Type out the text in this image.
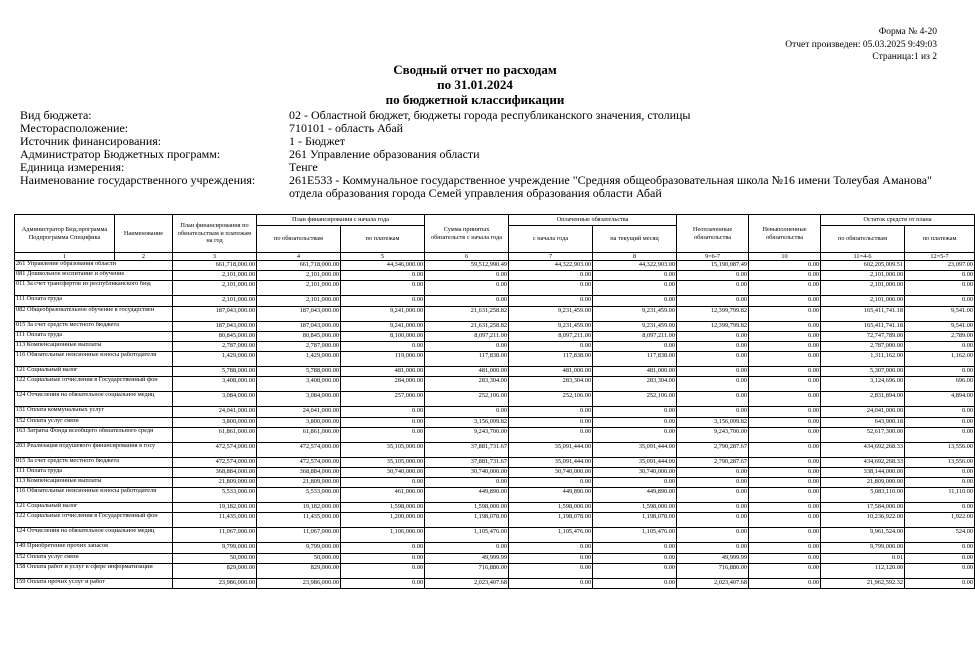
Форма № 4-20
Отчет произведен: 05.03.2025 9:49:03
Страница:1 из 2
Сводный отчет по расходам
по 31.01.2024
по бюджетной классификации
Вид бюджета:	02 - Областной бюджет, бюджеты города республиканского значения, столицы
Месторасположение:	710101 - область Абай
Источник финансирования:	1 - Бюджет
Администратор Бюджетных программ:	261 Управление образования области
Единица измерения:	Тенге
Наименование государственного учреждения:	261E533 - Коммунальное государственное учреждение "Средняя общеобразовательная школа №16 имени Толеубая Аманова" отдела образования города Семей управления образования области Абай
Администратор Бюд.программа Подпрограмма Специфика	Наименование	План финансирования по обязательствам и платежам на год	План финансирования с начала года		Сумма принятых обязательств с начала года	Оплаченные обязательства		Неоплаченные обязательства	Невыполненные обязательства	Остаток средств от плана	
			по обязательствам	по платежам		с начала года	на текущий месяц			по обязательствам	по платежам
1	2	3	4	5	6	7	8	9=6-7	10	11=4-6	12=5-7
261 Управление образования области		661,718,000.00	661,718,000.00	44,346,000.00	59,512,990.49	44,322,903.00	44,322,903.00	15,190,087.49	0.00	602,205,009.51	23,097.00
081 Дошкольное воспитание и обучение		2,101,000.00	2,101,000.00	0.00	0.00	0.00	0.00	0.00	0.00	2,101,000.00	0.00
011 За счет трансфертов из республиканского бюд		2,101,000.00	2,101,000.00	0.00	0.00	0.00	0.00	0.00	0.00	2,101,000.00	0.00
111 Оплата труда		2,101,000.00	2,101,000.00	0.00	0.00	0.00	0.00	0.00	0.00	2,101,000.00	0.00
082 Общеобразовательное обучение в государствен		187,043,000.00	187,043,000.00	9,241,000.00	21,631,258.82	9,231,459.00	9,231,459.00	12,399,799.82	0.00	165,411,741.18	9,541.00
015 За счет средств местного бюджета		187,043,000.00	187,043,000.00	9,241,000.00	21,631,258.82	9,231,459.00	9,231,459.00	12,399,799.82	0.00	165,411,741.18	9,541.00
111 Оплата труда		80,845,000.00	80,845,000.00	8,100,000.00	8,097,211.00	8,097,211.00	8,097,211.00	0.00	0.00	72,747,789.00	2,789.00
113 Компенсационные выплаты		2,787,000.00	2,787,000.00	0.00	0.00	0.00	0.00	0.00	0.00	2,787,000.00	0.00
116 Обязательные пенсионные взносы работодателя		1,429,000.00	1,429,000.00	119,000.00	117,838.00	117,838.00	117,838.00	0.00	0.00	1,311,162.00	1,162.00
121 Социальный налог		5,788,000.00	5,788,000.00	481,000.00	481,000.00	481,000.00	481,000.00	0.00	0.00	5,307,000.00	0.00
122 Социальные отчисления в Государственный фон		3,408,000.00	3,408,000.00	284,000.00	283,304.00	283,304.00	283,304.00	0.00	0.00	3,124,696.00	696.00
124 Отчисления на обязательное социальное медиц		3,084,000.00	3,084,000.00	257,000.00	252,106.00	252,106.00	252,106.00	0.00	0.00	2,831,894.00	4,894.00
151 Оплата коммунальных услуг		24,041,000.00	24,041,000.00	0.00	0.00	0.00	0.00	0.00	0.00	24,041,000.00	0.00
152 Оплата услуг связи		3,800,000.00	3,800,000.00	0.00	3,156,099.82	0.00	0.00	3,156,099.82	0.00	643,900.18	0.00
163 Затраты Фонда всеобщего обязательного средн		61,861,000.00	61,861,000.00	0.00	9,243,700.00	0.00	0.00	9,243,700.00	0.00	52,617,300.00	0.00
203 Реализация подушевого финансирования в госу		472,574,000.00	472,574,000.00	35,105,000.00	37,881,731.67	35,091,444.00	35,091,444.00	2,790,287.67	0.00	434,692,268.33	13,556.00
015 За счет средств местного бюджета		472,574,000.00	472,574,000.00	35,105,000.00	37,881,731.67	35,091,444.00	35,091,444.00	2,790,287.67	0.00	434,692,268.33	13,556.00
111 Оплата труда		368,884,000.00	368,884,000.00	30,740,000.00	30,740,000.00	30,740,000.00	30,740,000.00	0.00	0.00	338,144,000.00	0.00
113 Компенсационные выплаты		21,809,000.00	21,809,000.00	0.00	0.00	0.00	0.00	0.00	0.00	21,809,000.00	0.00
116 Обязательные пенсионные взносы работодателя		5,533,000.00	5,533,000.00	461,000.00	449,890.00	449,890.00	449,890.00	0.00	0.00	5,083,110.00	11,110.00
121 Социальный налог		19,182,000.00	19,182,000.00	1,598,000.00	1,598,000.00	1,598,000.00	1,598,000.00	0.00	0.00	17,584,000.00	0.00
122 Социальные отчисления в Государственный фон		11,435,000.00	11,435,000.00	1,200,000.00	1,198,078.00	1,198,078.00	1,198,078.00	0.00	0.00	10,236,922.00	1,922.00
124 Отчисления на обязательное социальное медиц		11,067,000.00	11,067,000.00	1,106,000.00	1,105,476.00	1,105,476.00	1,105,476.00	0.00	0.00	9,961,524.00	524.00
149 Приобретение прочих запасов		9,799,000.00	9,799,000.00	0.00	0.00	0.00	0.00	0.00	0.00	9,799,000.00	0.00
152 Оплата услуг связи		50,000.00	50,000.00	0.00	49,999.99	0.00	0.00	49,999.99	0.00	0.01	0.00
158 Оплата работ и услуг в сфере информатизации		829,000.00	829,000.00	0.00	716,880.00	0.00	0.00	716,880.00	0.00	112,120.00	0.00
159 Оплата прочих услуг и работ		23,986,000.00	23,986,000.00	0.00	2,023,407.68	0.00	0.00	2,023,407.68	0.00	21,962,592.32	0.00
